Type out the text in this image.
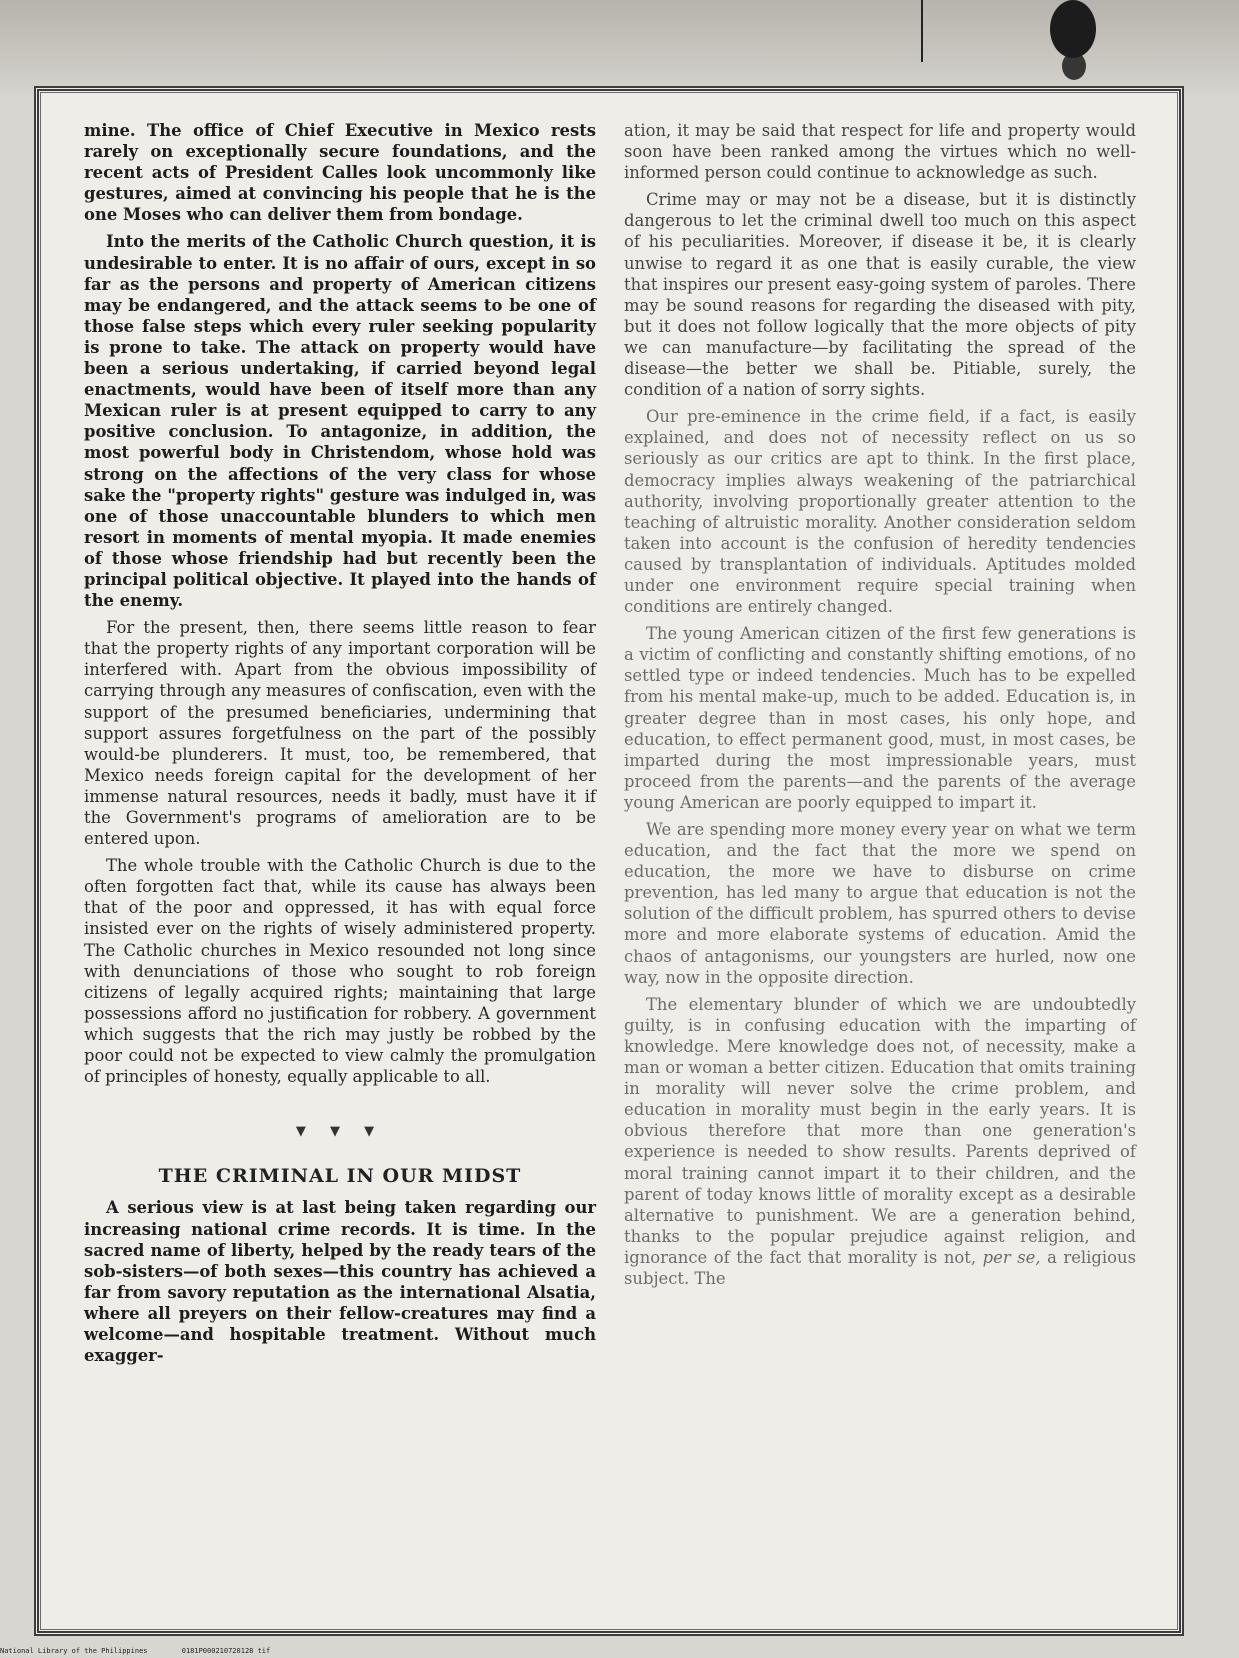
mine. The office of Chief Executive in Mexico rests rarely on exceptionally secure foundations, and the recent acts of President Calles look uncommonly like gestures, aimed at convincing his people that he is the one Moses who can deliver them from bondage.

Into the merits of the Catholic Church question, it is undesirable to enter. It is no affair of ours, except in so far as the persons and property of American citizens may be endangered, and the attack seems to be one of those false steps which every ruler seeking popularity is prone to take. The attack on property would have been a serious undertaking, if carried beyond legal enactments, would have been of itself more than any Mexican ruler is at present equipped to carry to any positive conclusion. To antagonize, in addition, the most powerful body in Christendom, whose hold was strong on the affections of the very class for whose sake the "property rights" gesture was indulged in, was one of those unaccountable blunders to which men resort in moments of mental myopia. It made enemies of those whose friendship had but recently been the principal political objective. It played into the hands of the enemy.

For the present, then, there seems little reason to fear that the property rights of any important corporation will be interfered with. Apart from the obvious impossibility of carrying through any measures of confiscation, even with the support of the presumed beneficiaries, undermining that support assures forgetfulness on the part of the possibly would-be plunderers. It must, too, be remembered, that Mexico needs foreign capital for the development of her immense natural resources, needs it badly, must have it if the Government's programs of amelioration are to be entered upon.

The whole trouble with the Catholic Church is due to the often forgotten fact that, while its cause has always been that of the poor and oppressed, it has with equal force insisted ever on the rights of wisely administered property. The Catholic churches in Mexico resounded not long since with denunciations of those who sought to rob foreign citizens of legally acquired rights; maintaining that large possessions afford no justification for robbery. A government which suggests that the rich may justly be robbed by the poor could not be expected to view calmly the promulgation of principles of honesty, equally applicable to all.

▼ ▼ ▼
THE CRIMINAL IN OUR MIDST

A serious view is at last being taken regarding our increasing national crime records. It is time. In the sacred name of liberty, helped by the ready tears of the sob-sisters—of both sexes—this country has achieved a far from savory reputation as the international Alsatia, where all preyers on their fellow-creatures may find a welcome—and hospitable treatment. Without much exagger-

ation, it may be said that respect for life and property would soon have been ranked among the virtues which no well-informed person could continue to acknowledge as such.

Crime may or may not be a disease, but it is distinctly dangerous to let the criminal dwell too much on this aspect of his peculiarities. Moreover, if disease it be, it is clearly unwise to regard it as one that is easily curable, the view that inspires our present easy-going system of paroles. There may be sound reasons for regarding the diseased with pity, but it does not follow logically that the more objects of pity we can manufacture—by facilitating the spread of the disease—the better we shall be. Pitiable, surely, the condition of a nation of sorry sights.

Our pre-eminence in the crime field, if a fact, is easily explained, and does not of necessity reflect on us so seriously as our critics are apt to think. In the first place, democracy implies always weakening of the patriarchical authority, involving proportionally greater attention to the teaching of altruistic morality. Another consideration seldom taken into account is the confusion of heredity tendencies caused by transplantation of individuals. Aptitudes molded under one environment require special training when conditions are entirely changed.

The young American citizen of the first few generations is a victim of conflicting and constantly shifting emotions, of no settled type or indeed tendencies. Much has to be expelled from his mental make-up, much to be added. Education is, in greater degree than in most cases, his only hope, and education, to effect permanent good, must, in most cases, be imparted during the most impressionable years, must proceed from the parents—and the parents of the average young American are poorly equipped to impart it.

We are spending more money every year on what we term education, and the fact that the more we spend on education, the more we have to disburse on crime prevention, has led many to argue that education is not the solution of the difficult problem, has spurred others to devise more and more elaborate systems of education. Amid the chaos of antagonisms, our youngsters are hurled, now one way, now in the opposite direction.

The elementary blunder of which we are undoubtedly guilty, is in confusing education with the imparting of knowledge. Mere knowledge does not, of necessity, make a man or woman a better citizen. Education that omits training in morality will never solve the crime problem, and education in morality must begin in the early years. It is obvious therefore that more than one generation's experience is needed to show results. Parents deprived of moral training cannot impart it to their children, and the parent of today knows little of morality except as a desirable alternative to punishment. We are a generation behind, thanks to the popular prejudice against religion, and ignorance of the fact that morality is not, per se, a religious subject. The

National Library of the Philippines	0181P000210720128 tif
